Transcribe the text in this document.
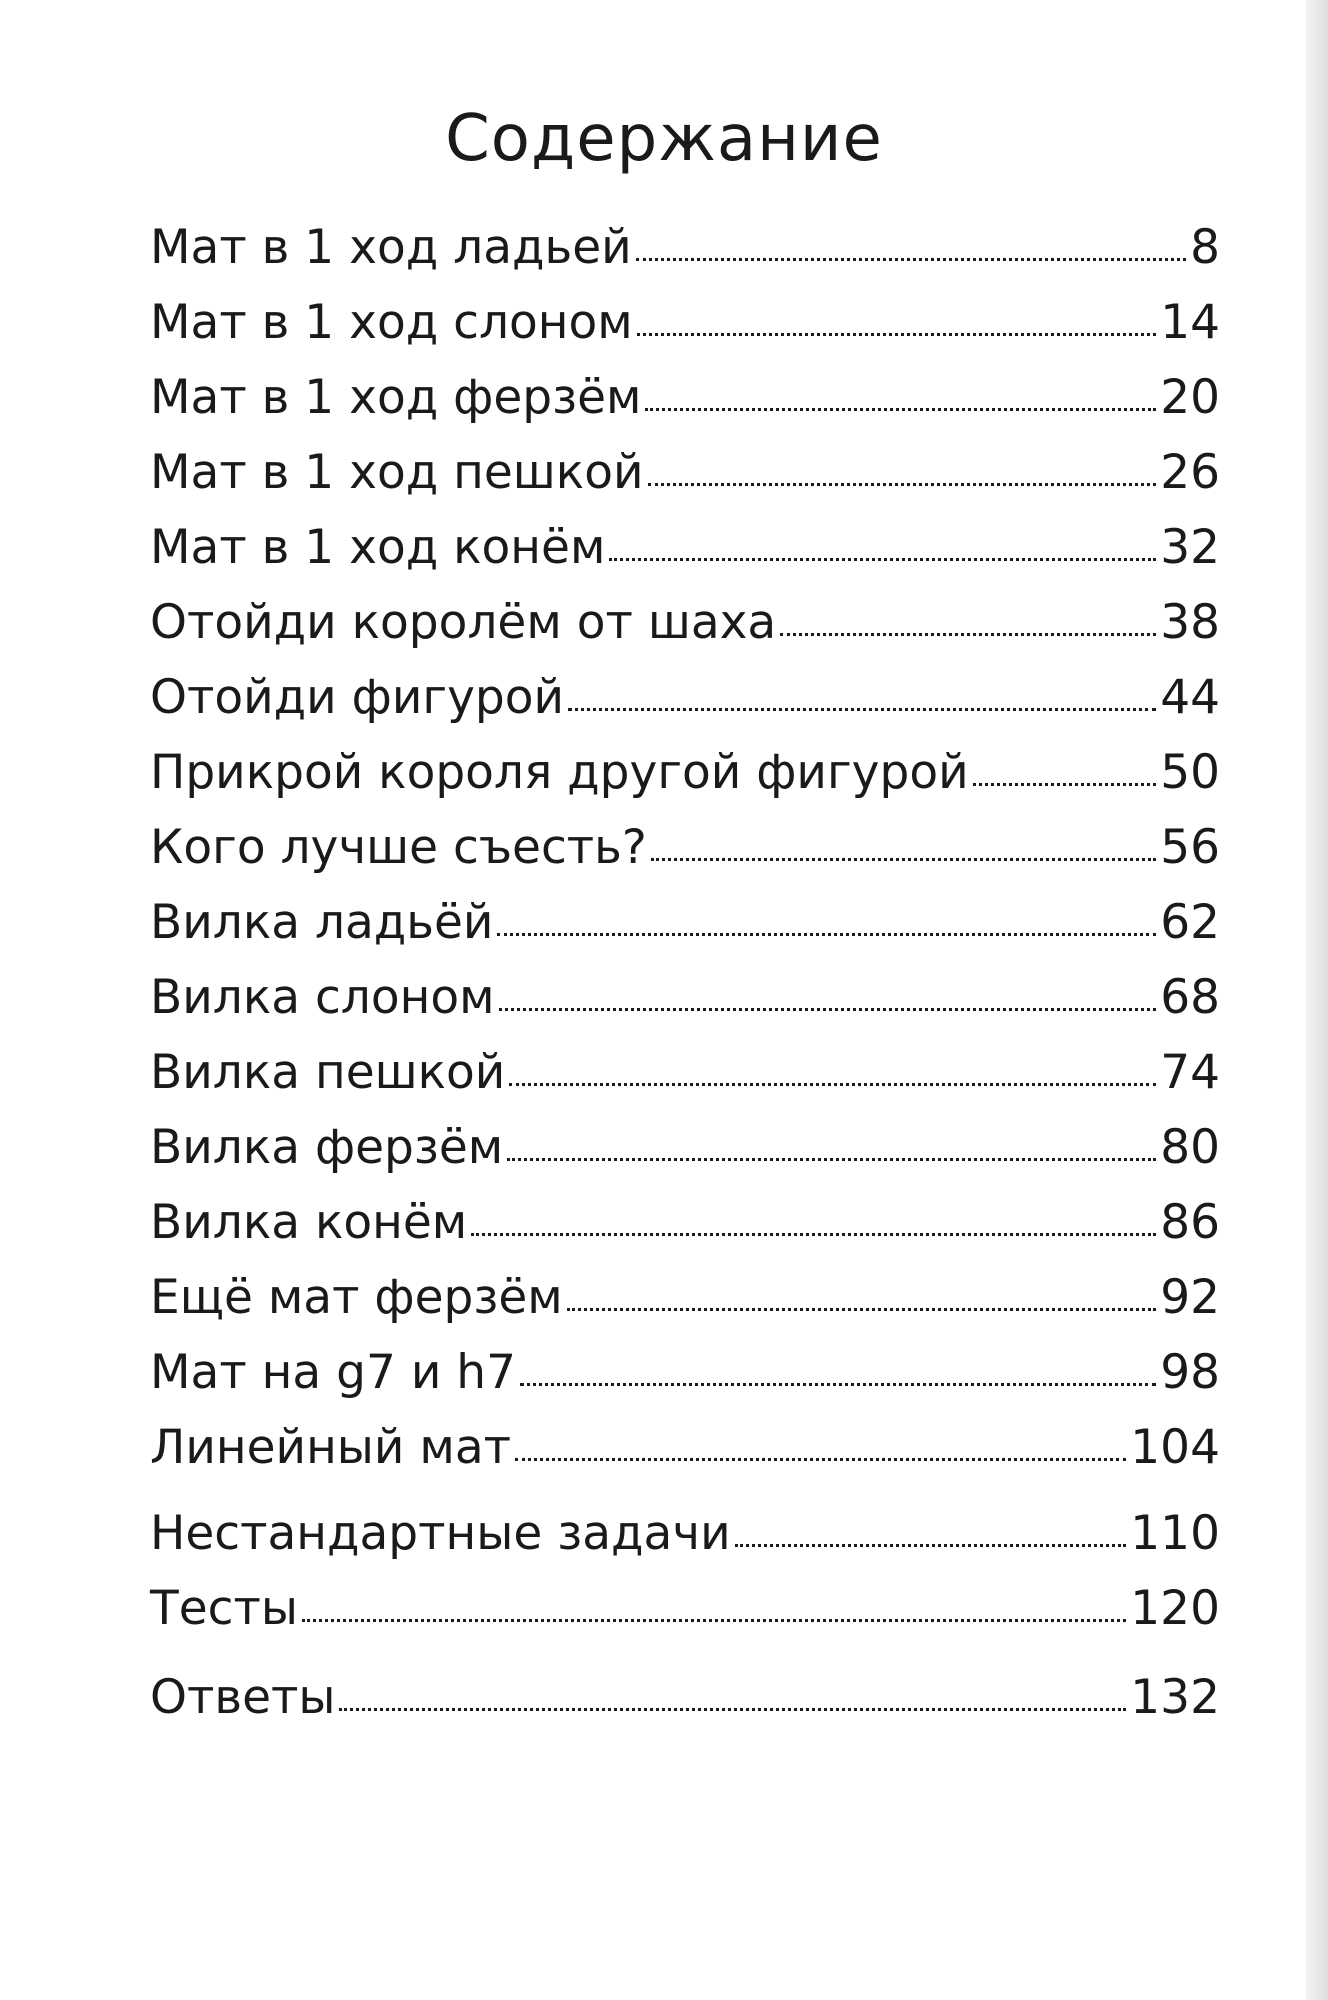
Содержание
Мат в 1 ход ладьей	8
Мат в 1 ход слоном	14
Мат в 1 ход ферзём	20
Мат в 1 ход пешкой	26
Мат в 1 ход конём	32
Отойди королём от шаха	38
Отойди фигурой	44
Прикрой короля другой фигурой	50
Кого лучше съесть?	56
Вилка ладьёй	62
Вилка слоном	68
Вилка пешкой	74
Вилка ферзём	80
Вилка конём	86
Ещё мат ферзём	92
Мат на g7 и h7	98
Линейный мат	104
Нестандартные задачи	110
Тесты	120
Ответы	132
